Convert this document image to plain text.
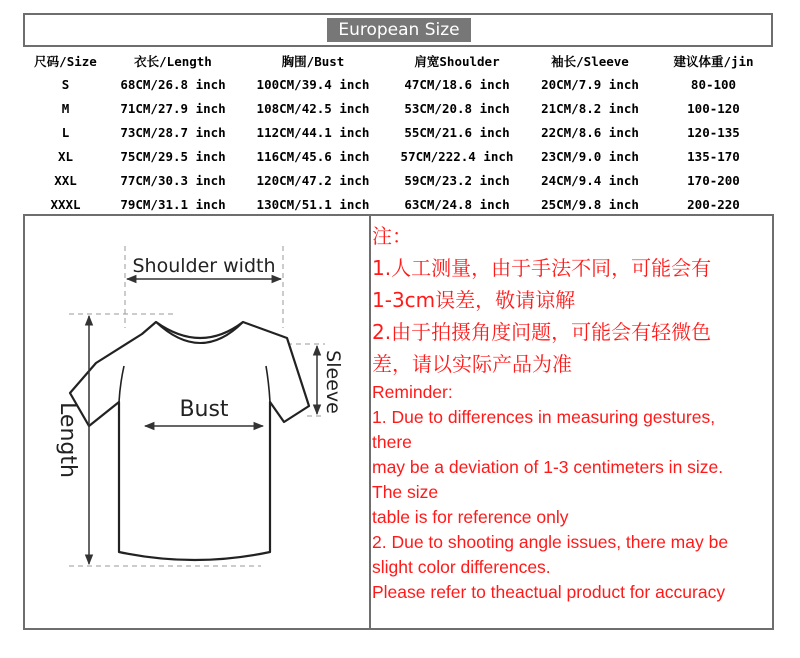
European Size
尺码/Size	衣长/Length	胸围/Bust	肩宽Shoulder	袖长/Sleeve	建议体重/jin
S	68CM/26.8 inch	100CM/39.4 inch	47CM/18.6 inch	20CM/7.9 inch	80-100
M	71CM/27.9 inch	108CM/42.5 inch	53CM/20.8 inch	21CM/8.2 inch	100-120
L	73CM/28.7 inch	112CM/44.1 inch	55CM/21.6 inch	22CM/8.6 inch	120-135
XL	75CM/29.5 inch	116CM/45.6 inch	57CM/222.4 inch	23CM/9.0 inch	135-170
XXL	77CM/30.3 inch	120CM/47.2 inch	59CM/23.2 inch	24CM/9.4 inch	170-200
XXXL	79CM/31.1 inch	130CM/51.1 inch	63CM/24.8 inch	25CM/9.8 inch	200-220
Shoulder width
Bust
Length
Sleeve

注：

1.人工测量，由于手法不同，可能会有

1-3cm误差，敬请谅解

2.由于拍摄角度问题，可能会有轻微色

差，请以实际产品为准

Reminder:

1. Due to differences in measuring gestures,

there

may be a deviation of 1-3 centimeters in size.

The size

table is for reference only

2. Due to shooting angle issues, there may be

slight color differences.

Please refer to theactual product for accuracy
